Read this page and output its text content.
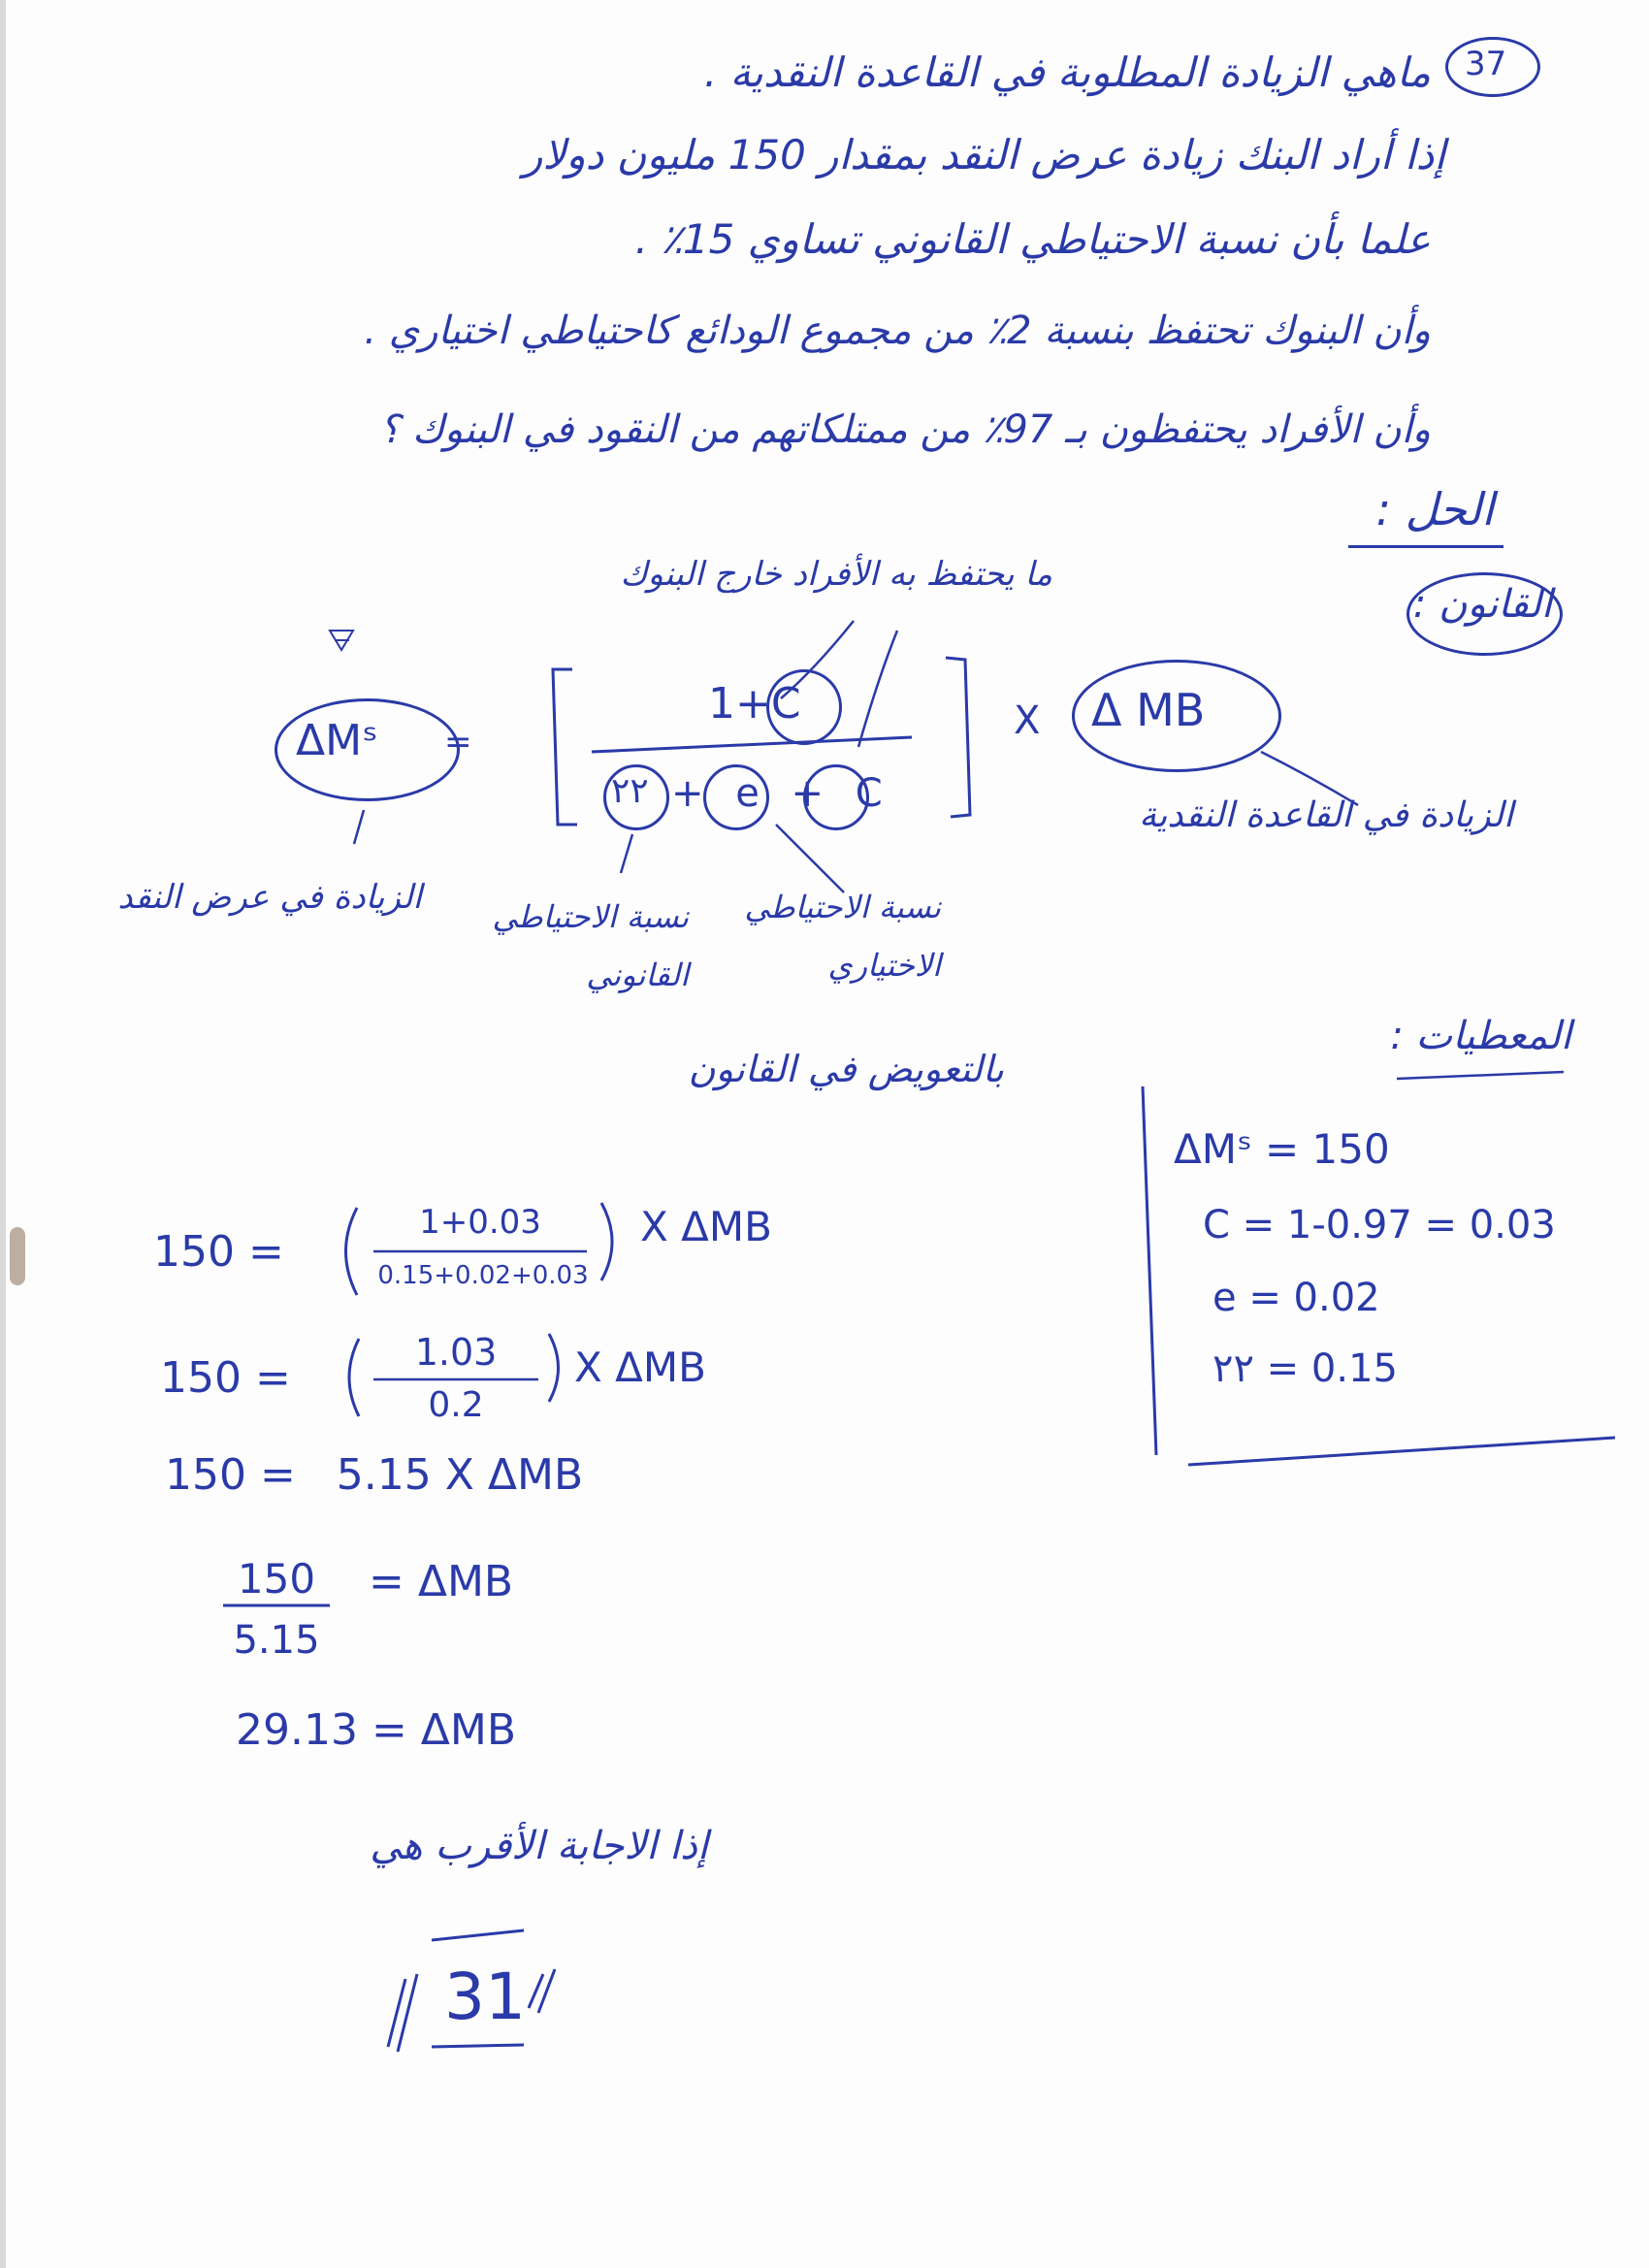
37
ماهي الزيادة المطلوبة في القاعدة النقدية .
إذا أراد البنك زيادة عرض النقد بمقدار 150 مليون دولار
علما بأن نسبة الاحتياطي القانوني تساوي 15٪ .
وأن البنوك تحتفظ بنسبة 2٪ من مجموع الودائع كاحتياطي اختياري .
وأن الأفراد يحتفظون بـ 97٪ من ممتلكاتهم من النقود في البنوك ؟
الحل :
القانون :
ما يحتفظ به الأفراد خارج البنوك
ΔMˢ =
1+C
٢٢ + e + C
X Δ MB
الزيادة في عرض النقد	نسبة الاحتياطي القانوني
نسبة الاحتياطي الاختياري
الزيادة في القاعدة النقدية
المعطيات :
ΔMˢ = 150
C = 1-0.97 = 0.03
e = 0.02
٢٢ = 0.15
بالتعويض في القانون
150 =
1+0.03
0.15+0.02+0.03
X ΔMB
150 =
1.03
0.2
X ΔMB
150 =   5.15 X ΔMB
150
5.15
= ΔMB
29.13 = ΔMB
إذا الاجابة الأقرب هي
31
